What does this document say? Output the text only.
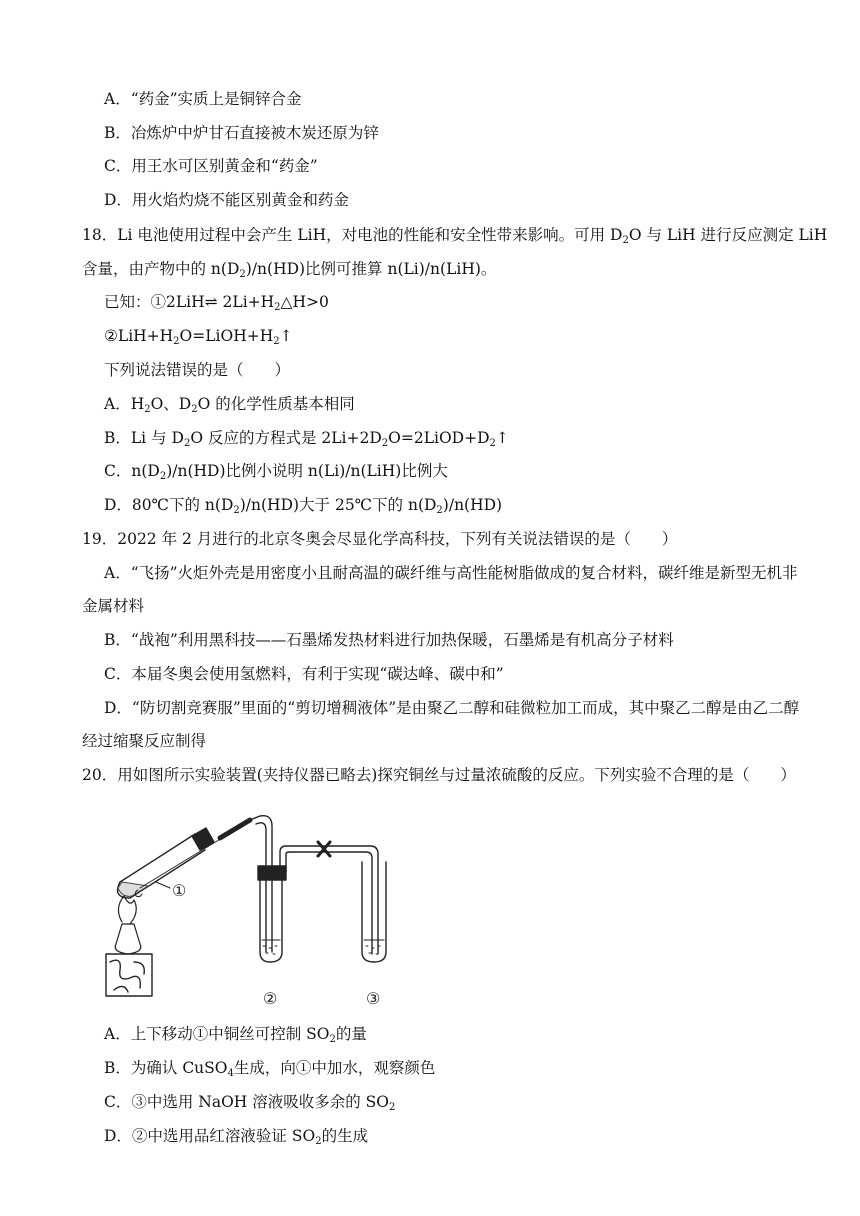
A．“药金”实质上是铜锌合金
B．冶炼炉中炉甘石直接被木炭还原为锌
C．用王水可区别黄金和“药金”
D．用火焰灼烧不能区别黄金和药金
18．Li 电池使用过程中会产生 LiH，对电池的性能和安全性带来影响。可用 $D_2O$ 与 LiH 进行反应测定 LiH
含量，由产物中的 $n(D_2)/n(HD)$比例可推算 n(Li)/n(LiH)。
已知：①2LiH⇌ $2Li+H_2\triangle H>0$
$②LiH+H_2O=LiOH+H_2↑$
下列说法错误的是（　　）
A．$H_2O$、$D_2O$ 的化学性质基本相同
B．Li 与 $D_2O$ 反应的方程式是 $2Li+2D_2O=2LiOD+D_2↑$
C．$n(D_2)/n(HD)$比例小说明 n(Li)/n(LiH)比例大
D．80℃下的 $n(D_2)/n(HD)$大于 25℃下的 $n(D_2)/n(HD)$
19．2022 年 2 月进行的北京冬奥会尽显化学高科技，下列有关说法错误的是（　　）
A．“飞扬”火炬外壳是用密度小且耐高温的碳纤维与高性能树脂做成的复合材料，碳纤维是新型无机非
金属材料
B．“战袍”利用黑科技——石墨烯发热材料进行加热保暖，石墨烯是有机高分子材料
C．本届冬奥会使用氢燃料，有利于实现“碳达峰、碳中和”
D．“防切割竞赛服”里面的“剪切增稠液体”是由聚乙二醇和硅微粒加工而成，其中聚乙二醇是由乙二醇
经过缩聚反应制得
20．用如图所示实验装置(夹持仪器已略去)探究铜丝与过量浓硫酸的反应。下列实验不合理的是（　　）
①
②	③
A．上下移动①中铜丝可控制 $SO_2$的量
B．为确认 CuSO$_4$生成，向①中加水，观察颜色
C．③中选用 NaOH 溶液吸收多余的 $SO_2$
D．②中选用品红溶液验证 $SO_2$的生成
